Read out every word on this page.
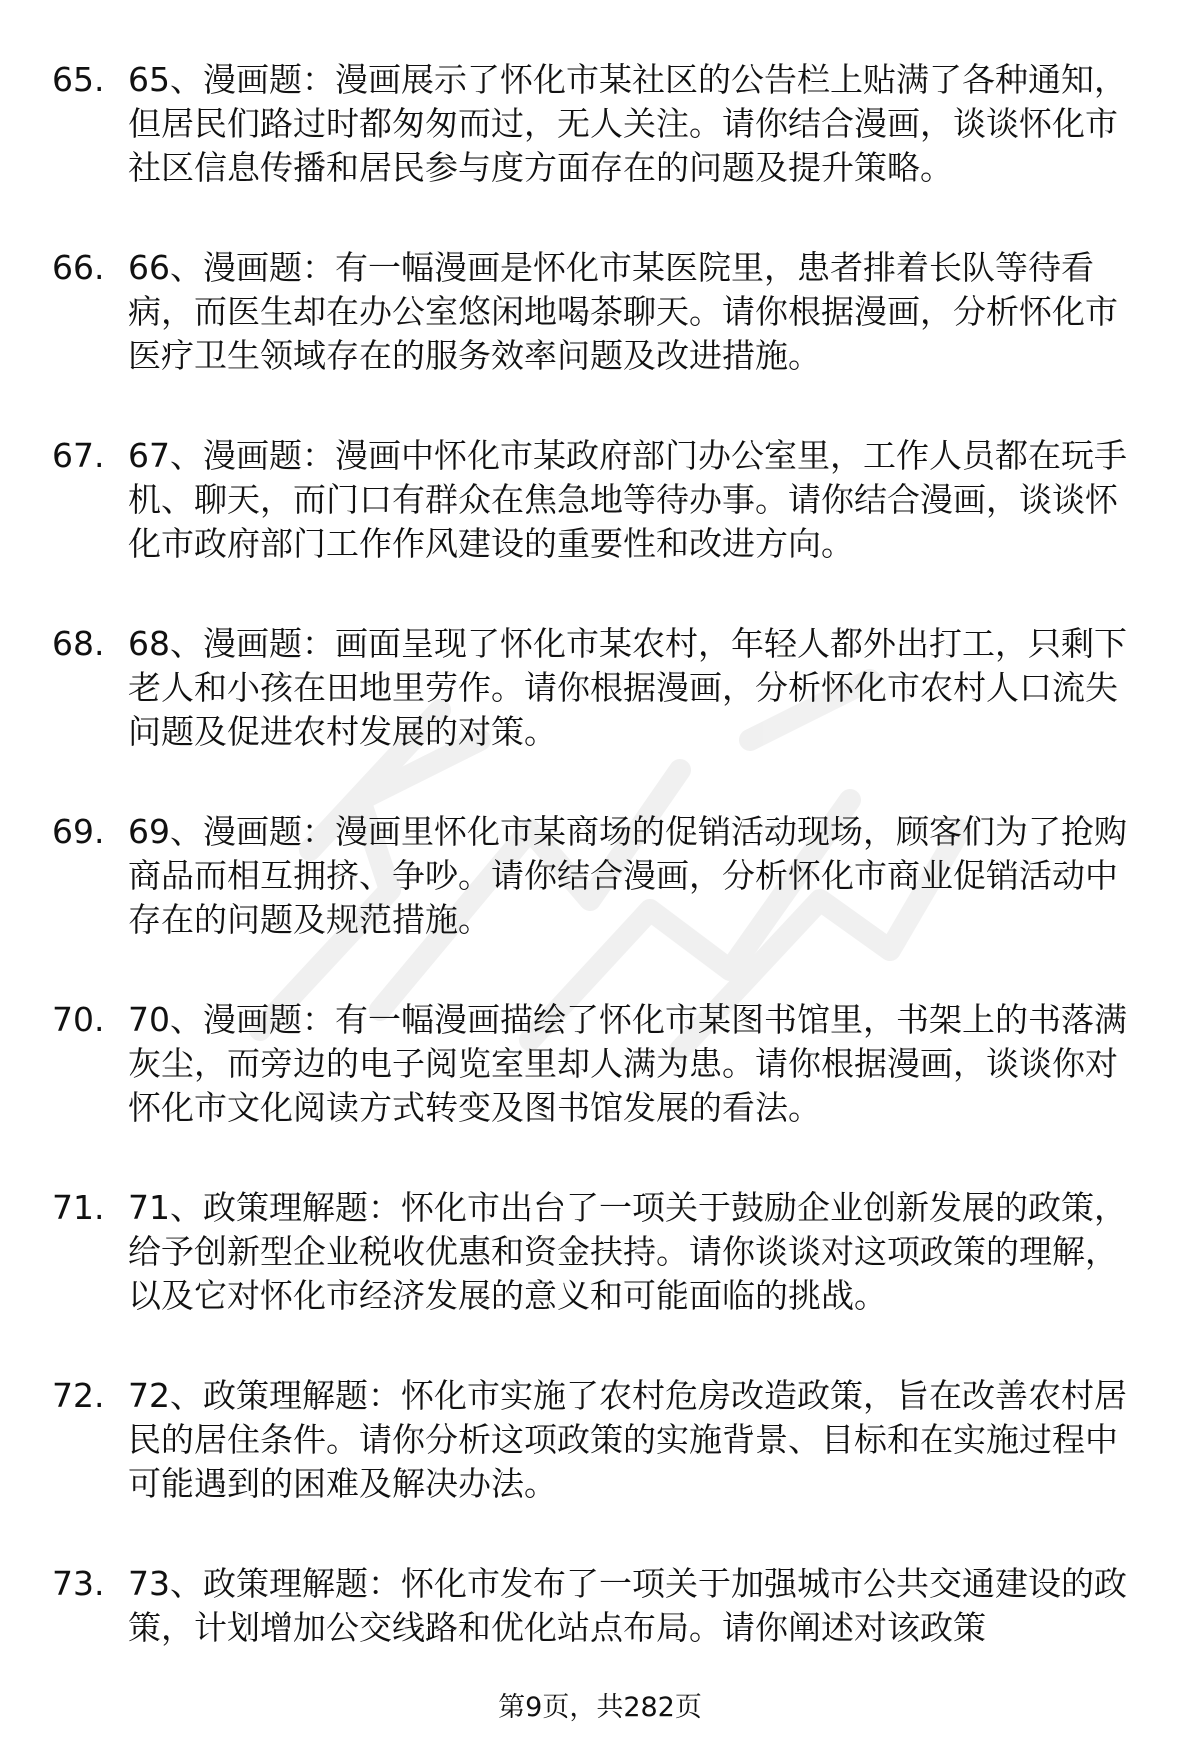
65. 65、漫画题：漫画展示了怀化市某社区的公告栏上贴满了各种通知，但居民们路过时都匆匆而过，无人关注。请你结合漫画，谈谈怀化市社区信息传播和居民参与度方面存在的问题及提升策略。
66. 66、漫画题：有一幅漫画是怀化市某医院里，患者排着长队等待看病，而医生却在办公室悠闲地喝茶聊天。请你根据漫画，分析怀化市医疗卫生领域存在的服务效率问题及改进措施。
67. 67、漫画题：漫画中怀化市某政府部门办公室里，工作人员都在玩手机、聊天，而门口有群众在焦急地等待办事。请你结合漫画，谈谈怀化市政府部门工作作风建设的重要性和改进方向。
68. 68、漫画题：画面呈现了怀化市某农村，年轻人都外出打工，只剩下老人和小孩在田地里劳作。请你根据漫画，分析怀化市农村人口流失问题及促进农村发展的对策。
69. 69、漫画题：漫画里怀化市某商场的促销活动现场，顾客们为了抢购商品而相互拥挤、争吵。请你结合漫画，分析怀化市商业促销活动中存在的问题及规范措施。
70. 70、漫画题：有一幅漫画描绘了怀化市某图书馆里，书架上的书落满灰尘，而旁边的电子阅览室里却人满为患。请你根据漫画，谈谈你对怀化市文化阅读方式转变及图书馆发展的看法。
71. 71、政策理解题：怀化市出台了一项关于鼓励企业创新发展的政策，给予创新型企业税收优惠和资金扶持。请你谈谈对这项政策的理解，以及它对怀化市经济发展的意义和可能面临的挑战。
72. 72、政策理解题：怀化市实施了农村危房改造政策，旨在改善农村居民的居住条件。请你分析这项政策的实施背景、目标和在实施过程中可能遇到的困难及解决办法。
73. 73、政策理解题：怀化市发布了一项关于加强城市公共交通建设的政策，计划增加公交线路和优化站点布局。请你阐述对该政策
第9页，共282页
